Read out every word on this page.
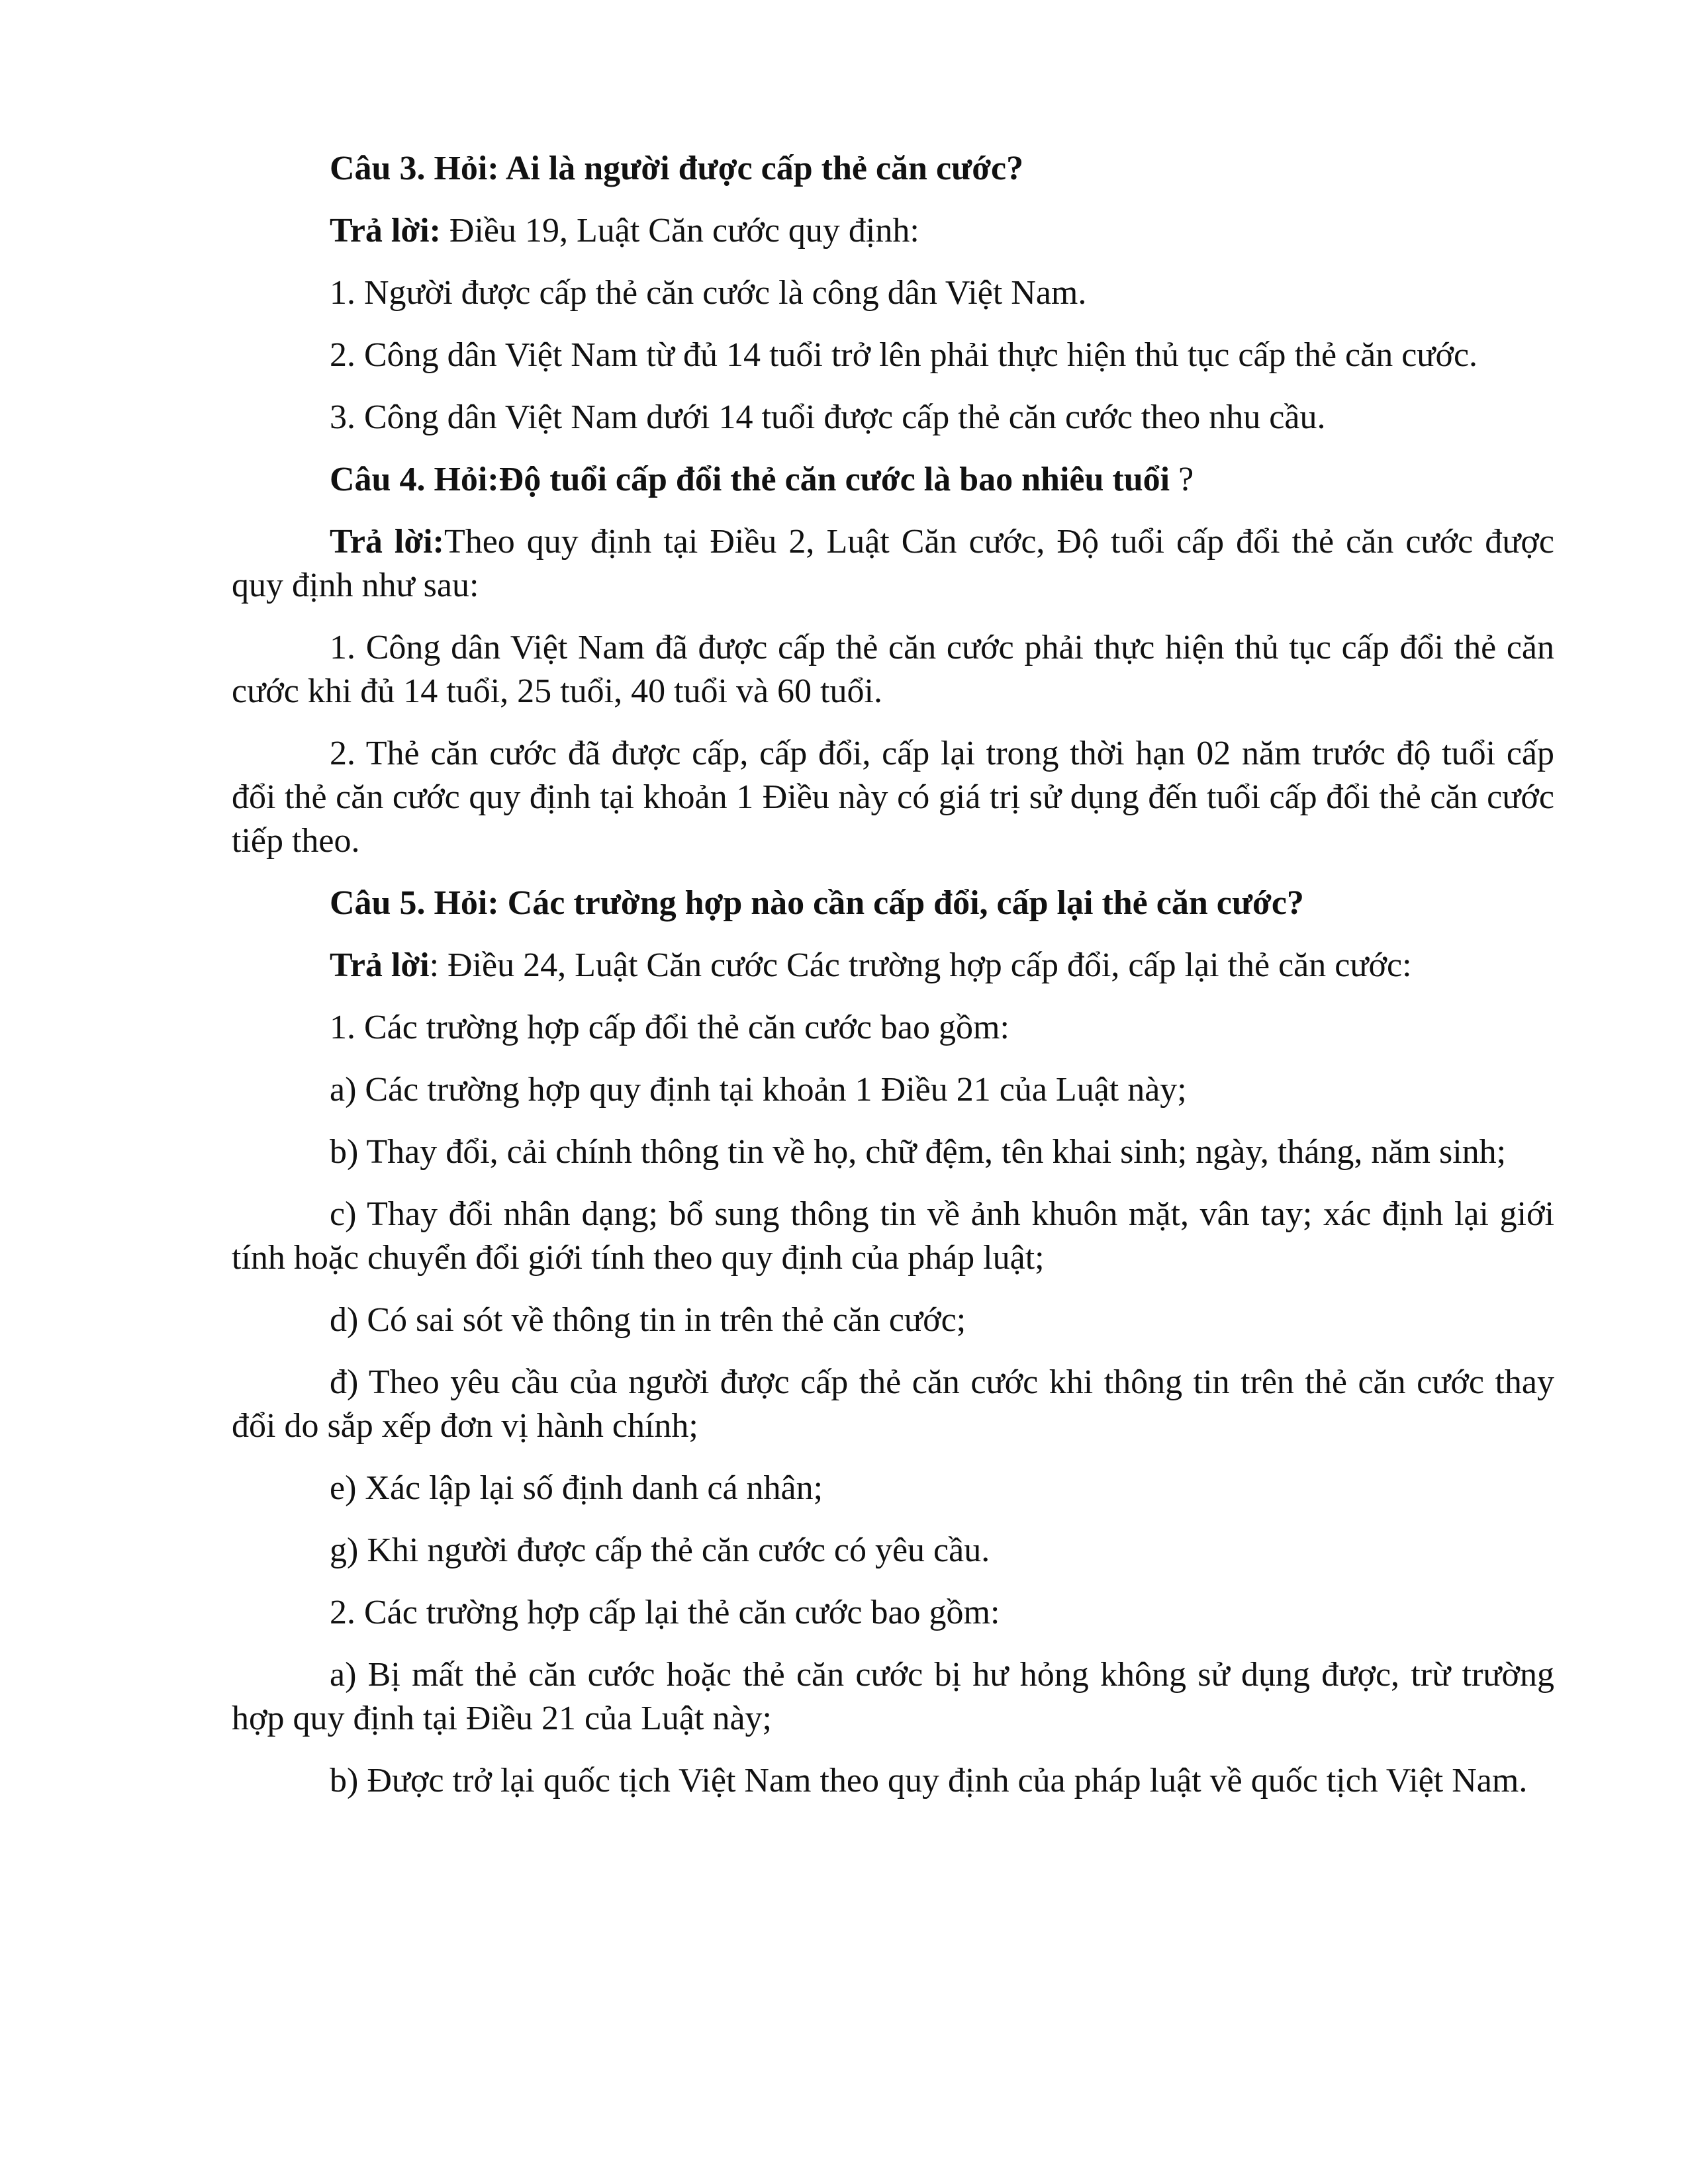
Câu 3. Hỏi: Ai là người được cấp thẻ căn cước?

Trả lời: Điều 19, Luật Căn cước quy định:

1. Người được cấp thẻ căn cước là công dân Việt Nam.

2. Công dân Việt Nam từ đủ 14 tuổi trở lên phải thực hiện thủ tục cấp thẻ căn cước.

3. Công dân Việt Nam dưới 14 tuổi được cấp thẻ căn cước theo nhu cầu.

Câu 4. Hỏi:Độ tuổi cấp đổi thẻ căn cước là bao nhiêu tuổi ?

Trả lời:Theo quy định tại Điều 2, Luật Căn cước, Độ tuổi cấp đổi thẻ căn cước được quy định như sau:

1. Công dân Việt Nam đã được cấp thẻ căn cước phải thực hiện thủ tục cấp đổi thẻ căn cước khi đủ 14 tuổi, 25 tuổi, 40 tuổi và 60 tuổi.

2. Thẻ căn cước đã được cấp, cấp đổi, cấp lại trong thời hạn 02 năm trước độ tuổi cấp đổi thẻ căn cước quy định tại khoản 1 Điều này có giá trị sử dụng đến tuổi cấp đổi thẻ căn cước tiếp theo.

Câu 5. Hỏi: Các trường hợp nào cần cấp đổi, cấp lại thẻ căn cước?

Trả lời: Điều 24, Luật Căn cước Các trường hợp cấp đổi, cấp lại thẻ căn cước:

1. Các trường hợp cấp đổi thẻ căn cước bao gồm:

a) Các trường hợp quy định tại khoản 1 Điều 21 của Luật này;

b) Thay đổi, cải chính thông tin về họ, chữ đệm, tên khai sinh; ngày, tháng, năm sinh;

c) Thay đổi nhân dạng; bổ sung thông tin về ảnh khuôn mặt, vân tay; xác định lại giới tính hoặc chuyển đổi giới tính theo quy định của pháp luật;

d) Có sai sót về thông tin in trên thẻ căn cước;

đ) Theo yêu cầu của người được cấp thẻ căn cước khi thông tin trên thẻ căn cước thay đổi do sắp xếp đơn vị hành chính;

e) Xác lập lại số định danh cá nhân;

g) Khi người được cấp thẻ căn cước có yêu cầu.

2. Các trường hợp cấp lại thẻ căn cước bao gồm:

a) Bị mất thẻ căn cước hoặc thẻ căn cước bị hư hỏng không sử dụng được, trừ trường hợp quy định tại Điều 21 của Luật này;

b) Được trở lại quốc tịch Việt Nam theo quy định của pháp luật về quốc tịch Việt Nam.
